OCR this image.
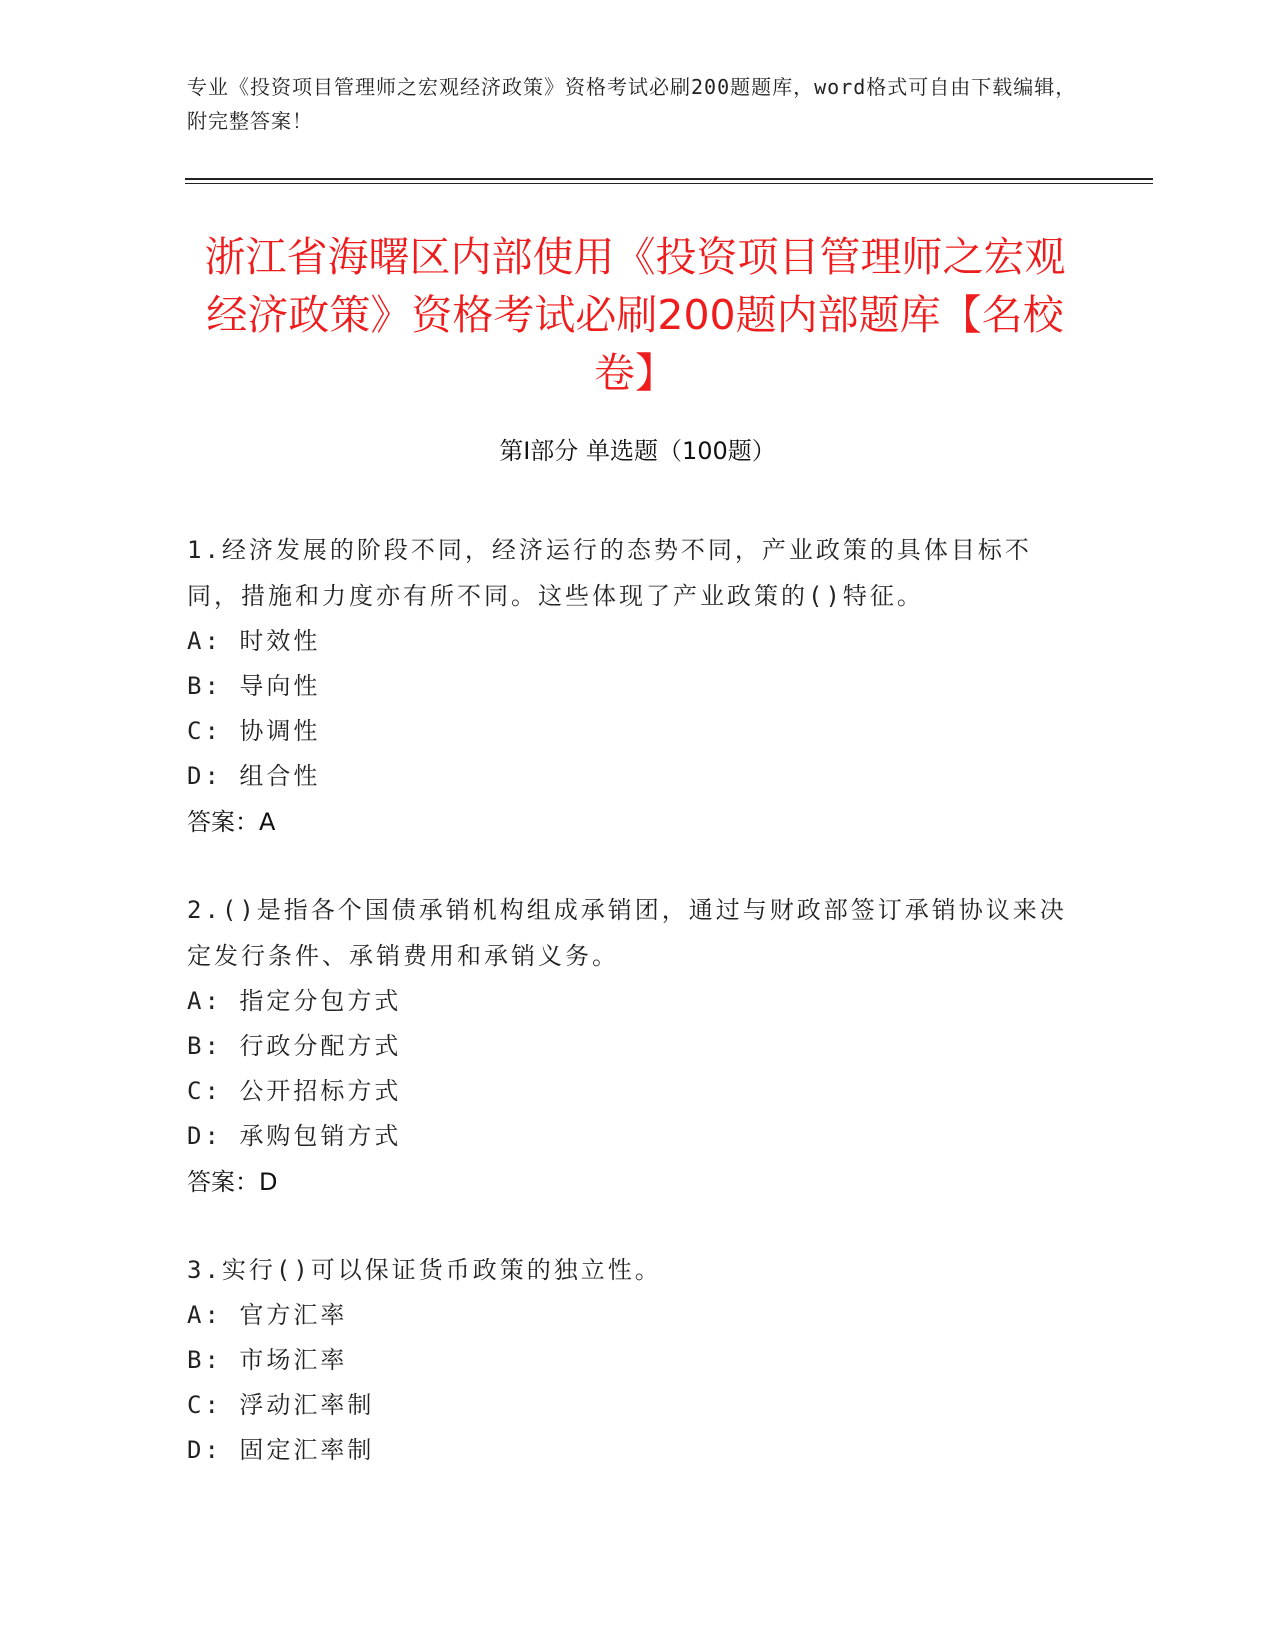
专业《投资项目管理师之宏观经济政策》资格考试必刷200题题库，word格式可自由下载编辑，附完整答案！
浙江省海曙区内部使用《投资项目管理师之宏观经济政策》资格考试必刷200题内部题库【名校卷】
第I部分 单选题（100题）
1.经济发展的阶段不同，经济运行的态势不同，产业政策的具体目标不同，措施和力度亦有所不同。这些体现了产业政策的()特征。
A: 时效性
B: 导向性
C: 协调性
D: 组合性
答案：A
2.()是指各个国债承销机构组成承销团，通过与财政部签订承销协议来决定发行条件、承销费用和承销义务。
A: 指定分包方式
B: 行政分配方式
C: 公开招标方式
D: 承购包销方式
答案：D
3.实行()可以保证货币政策的独立性。
A: 官方汇率
B: 市场汇率
C: 浮动汇率制
D: 固定汇率制
